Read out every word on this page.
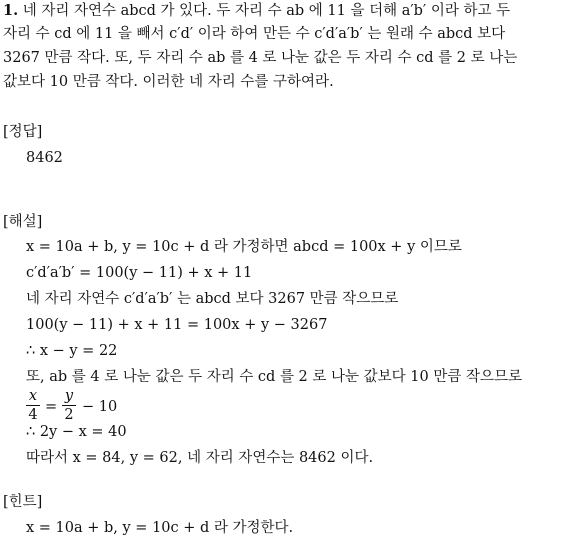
1. 네 자리 자연수 abcd 가 있다. 두 자리 수 ab 에 11 을 더해 a′b′ 이라 하고 두
자리 수 cd 에 11 을 빼서 c′d′ 이라 하여 만든 수 c′d′a′b′ 는 원래 수 abcd 보다
3267 만큼 작다. 또, 두 자리 수 ab 를 4 로 나눈 값은 두 자리 수 cd 를 2 로 나는
값보다 10 만큼 작다. 이러한 네 자리 수를 구하여라.
[정답]
8462
[해설]
x = 10a + b, y = 10c + d 라 가정하면 abcd = 100x + y 이므로
c′d′a′b′ = 100(y − 11) + x + 11
네 자리 자연수 c′d′a′b′ 는 abcd 보다 3267 만큼 작으므로
100(y − 11) + x + 11 = 100x + y − 3267
∴ x − y = 22
또, ab 를 4 로 나눈 값은 두 자리 수 cd 를 2 로 나눈 값보다 10 만큼 작으므로
x
4 =
y
2 − 10
∴ 2y − x = 40
따라서 x = 84, y = 62, 네 자리 자연수는 8462 이다.
[힌트]
x = 10a + b, y = 10c + d 라 가정한다.
